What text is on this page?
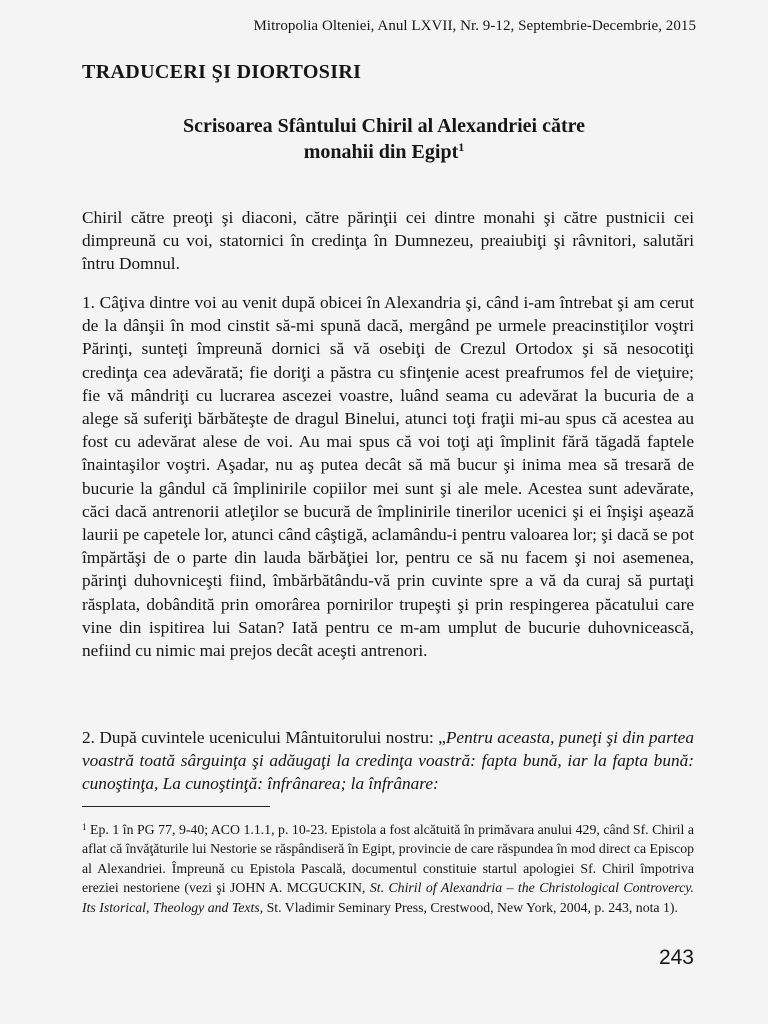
Mitropolia Olteniei, Anul LXVII, Nr. 9-12, Septembrie-Decembrie, 2015
TRADUCERI ŞI DIORTOSIRI
Scrisoarea Sfântului Chiril al Alexandriei către
monahii din Egipt$^1$

Chiril către preoţi şi diaconi, către părinţii cei dintre monahi şi către pustnicii cei dimpreună cu voi, statornici în credinţa în Dumnezeu, preaiubiţi şi râvnitori, salutări întru Domnul.

1. Câţiva dintre voi au venit după obicei în Alexandria şi, când i-am întrebat şi am cerut de la dânşii în mod cinstit să-mi spună dacă, mergând pe urmele preacinstiţilor voştri Părinţi, sunteţi împreună dornici să vă osebiţi de Crezul Ortodox şi să nesocotiţi credinţa cea adevărată; fie doriţi a păstra cu sfinţenie acest preafrumos fel de vieţuire; fie vă mândriţi cu lucrarea ascezei voastre, luând seama cu adevărat la bucuria de a alege să suferiţi bărbăteşte de dragul Binelui, atunci toţi fraţii mi-au spus că acestea au fost cu adevărat alese de voi. Au mai spus că voi toţi aţi împlinit fără tăgadă faptele înaintaşilor voştri. Aşadar, nu aş putea decât să mă bucur şi inima mea să tresară de bucurie la gândul că împlinirile copiilor mei sunt şi ale mele. Acestea sunt adevărate, căci dacă antrenorii atleţilor se bucură de împlinirile tinerilor ucenici şi ei înşişi aşează laurii pe capetele lor, atunci când câştigă, aclamându-i pentru valoarea lor; şi dacă se pot împărtăşi de o parte din lauda bărbăţiei lor, pentru ce să nu facem şi noi asemenea, părinţi duhovniceşti fiind, îmbărbătându-vă prin cuvinte spre a vă da curaj să purtaţi răsplata, dobândită prin omorârea pornirilor trupeşti şi prin respingerea păcatului care vine din ispitirea lui Satan? Iată pentru ce m-am umplut de bucurie duhovnicească, nefiind cu nimic mai prejos decât aceşti antrenori.

2. După cuvintele ucenicului Mântuitorului nostru: „Pentru aceasta, puneţi şi din partea voastră toată sârguinţa şi adăugaţi la credinţa voastră: fapta bună, iar la fapta bună: cunoştinţa, La cunoştinţă: înfrânarea; la înfrânare:

$^1$ Ep. 1 în PG 77, 9-40; ACO 1.1.1, p. 10-23. Epistola a fost alcătuită în primăvara anului 429, când Sf. Chiril a aflat că învăţăturile lui Nestorie se răspândiseră în Egipt, provincie de care răspundea în mod direct ca Episcop al Alexandriei. Împreună cu Epistola Pascală, documentul constituie startul apologiei Sf. Chiril împotriva ereziei nestoriene (vezi şi JOHN A. MCGUCKIN, St. Chiril of Alexandria – the Christological Controvercy. Its Istorical, Theology and Texts, St. Vladimir Seminary Press, Crestwood, New York, 2004, p. 243, nota 1).
243
